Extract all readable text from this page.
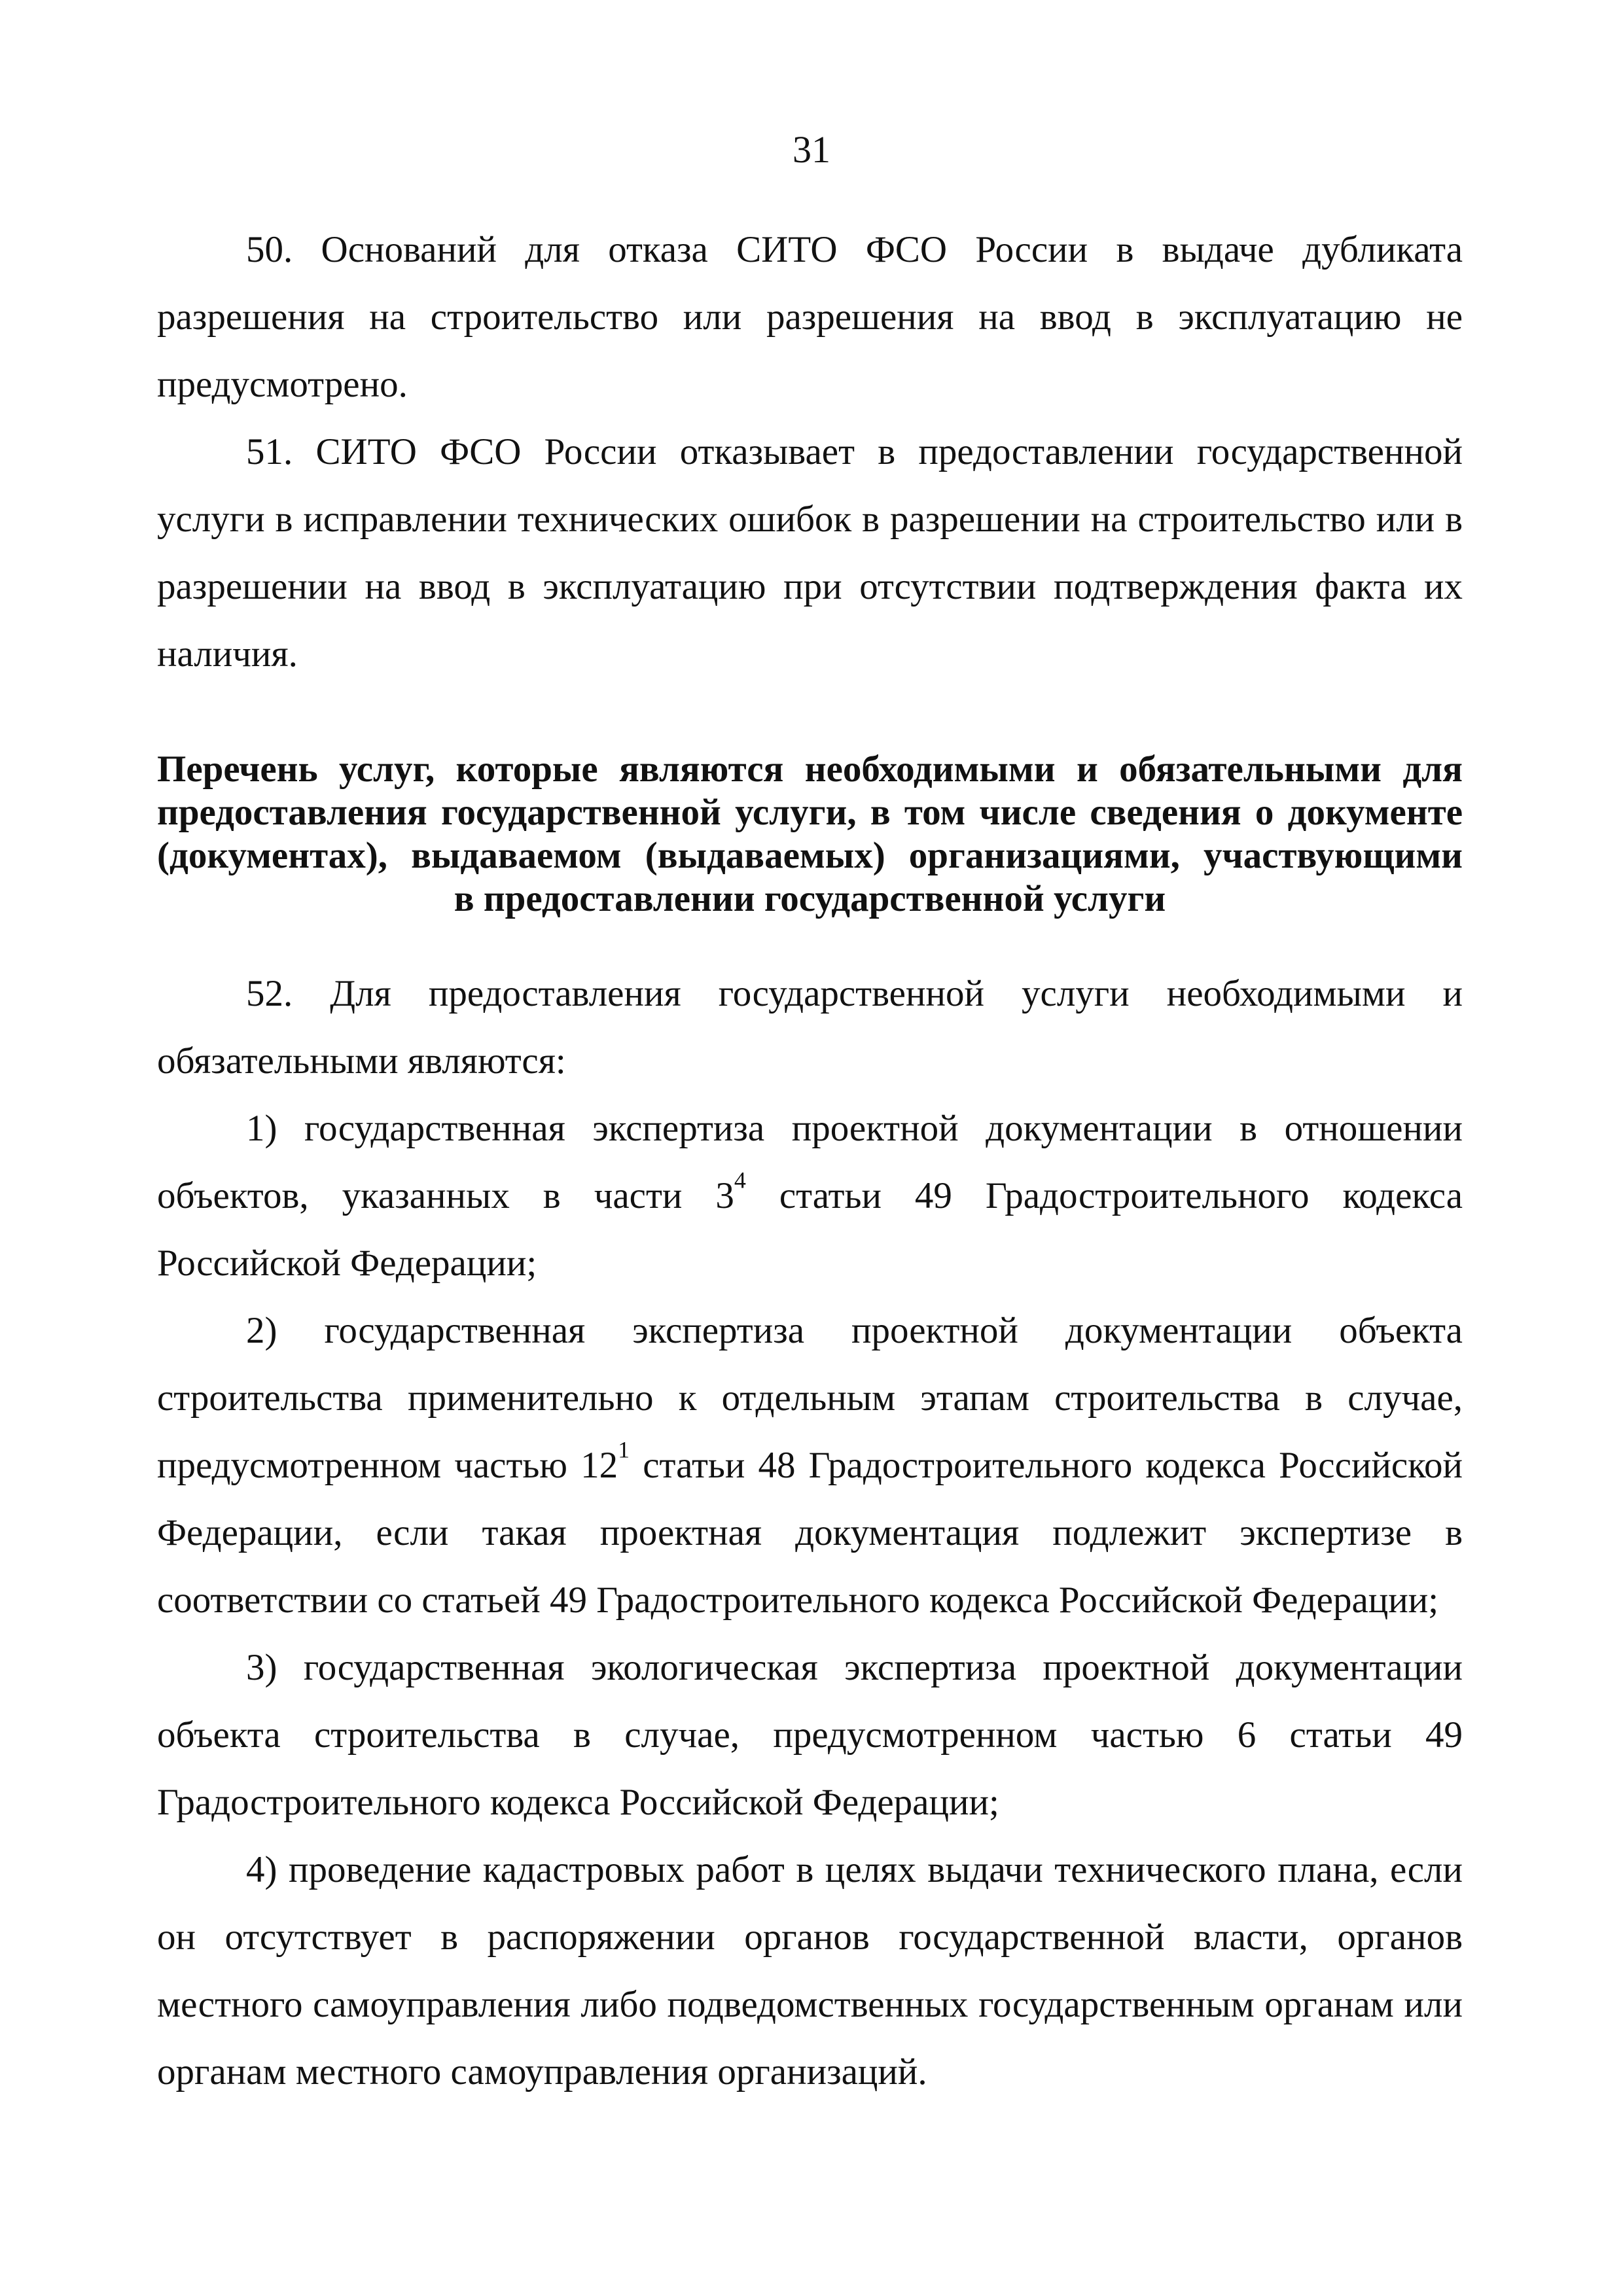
31

50. Оснований для отказа СИТО ФСО России в выдаче дубликата разрешения на строительство или разрешения на ввод в эксплуатацию не предусмотрено.

51. СИТО ФСО России отказывает в предоставлении государственной услуги в исправлении технических ошибок в разрешении на строительство или в разрешении на ввод в эксплуатацию при отсутствии подтверждения факта их наличия.

Перечень услуг, которые являются необходимыми и обязательными для
предоставления государственной услуги, в том числе сведения о документе
(документах), выдаваемом (выдаваемых) организациями, участвующими
в предоставлении государственной услуги

52. Для предоставления государственной услуги необходимыми и обязательными являются:

1) государственная экспертиза проектной документации в отношении объектов, указанных в части $3^4$ статьи 49 Градостроительного кодекса Российской Федерации;

2) государственная экспертиза проектной документации объекта строительства применительно к отдельным этапам строительства в случае, предусмотренном частью $12^1$ статьи 48 Градостроительного кодекса Российской Федерации, если такая проектная документация подлежит экспертизе в соответствии со статьей 49 Градостроительного кодекса Российской Федерации;

3) государственная экологическая экспертиза проектной документации объекта строительства в случае, предусмотренном частью 6 статьи 49 Градостроительного кодекса Российской Федерации;

4) проведение кадастровых работ в целях выдачи технического плана, если он отсутствует в распоряжении органов государственной власти, органов местного самоуправления либо подведомственных государственным органам или органам местного самоуправления организаций.
